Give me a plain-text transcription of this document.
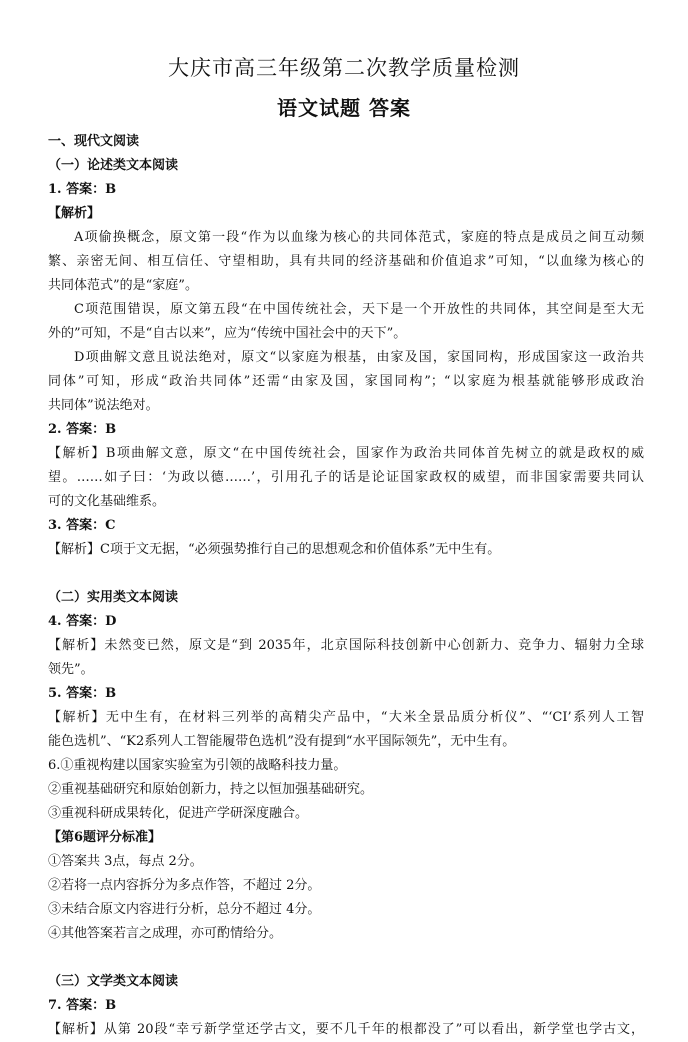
大庆市高三年级第二次教学质量检测
语文试题 答案
一、现代文阅读
（一）论述类文本阅读
1. 答案：B
【解析】
A项偷换概念，原文第一段“作为以血缘为核心的共同体范式，家庭的特点是成员之间互动频
繁、亲密无间、相互信任、守望相助，具有共同的经济基础和价值追求”可知，“以血缘为核心的
共同体范式”的是“家庭”。
C项范围错误，原文第五段“在中国传统社会，天下是一个开放性的共同体，其空间是至大无
外的”可知，不是“自古以来”，应为“传统中国社会中的天下”。
D项曲解文意且说法绝对，原文“以家庭为根基，由家及国，家国同构，形成国家这一政治共
同体”可知，形成“政治共同体”还需“由家及国，家国同构”；“以家庭为根基就能够形成政治
共同体”说法绝对。
2. 答案：B
【解析】B项曲解文意，原文“在中国传统社会，国家作为政治共同体首先树立的就是政权的威
望。……如子曰：‘为政以德……’，引用孔子的话是论证国家政权的威望，而非国家需要共同认
可的文化基础维系。
3. 答案：C
【解析】C项于文无据，“必须强势推行自己的思想观念和价值体系”无中生有。
（二）实用类文本阅读
4. 答案：D
【解析】未然变已然，原文是“到 2035年，北京国际科技创新中心创新力、竞争力、辐射力全球
领先”。
5. 答案：B
【解析】无中生有，在材料三列举的高精尖产品中，“大米全景品质分析仪”、“‘CI’系列人工智
能色选机”、“K2系列人工智能履带色选机”没有提到“水平国际领先”，无中生有。
6.①重视构建以国家实验室为引领的战略科技力量。
②重视基础研究和原始创新力，持之以恒加强基础研究。
③重视科研成果转化，促进产学研深度融合。
【第6题评分标准】
①答案共 3点，每点 2分。
②若将一点内容拆分为多点作答，不超过 2分。
③未结合原文内容进行分析，总分不超过 4分。
④其他答案若言之成理，亦可酌情给分。
（三）文学类文本阅读
7. 答案：B
【解析】从第 20段“幸亏新学堂还学古文，要不几千年的根都没了”可以看出，新学堂也学古文，
